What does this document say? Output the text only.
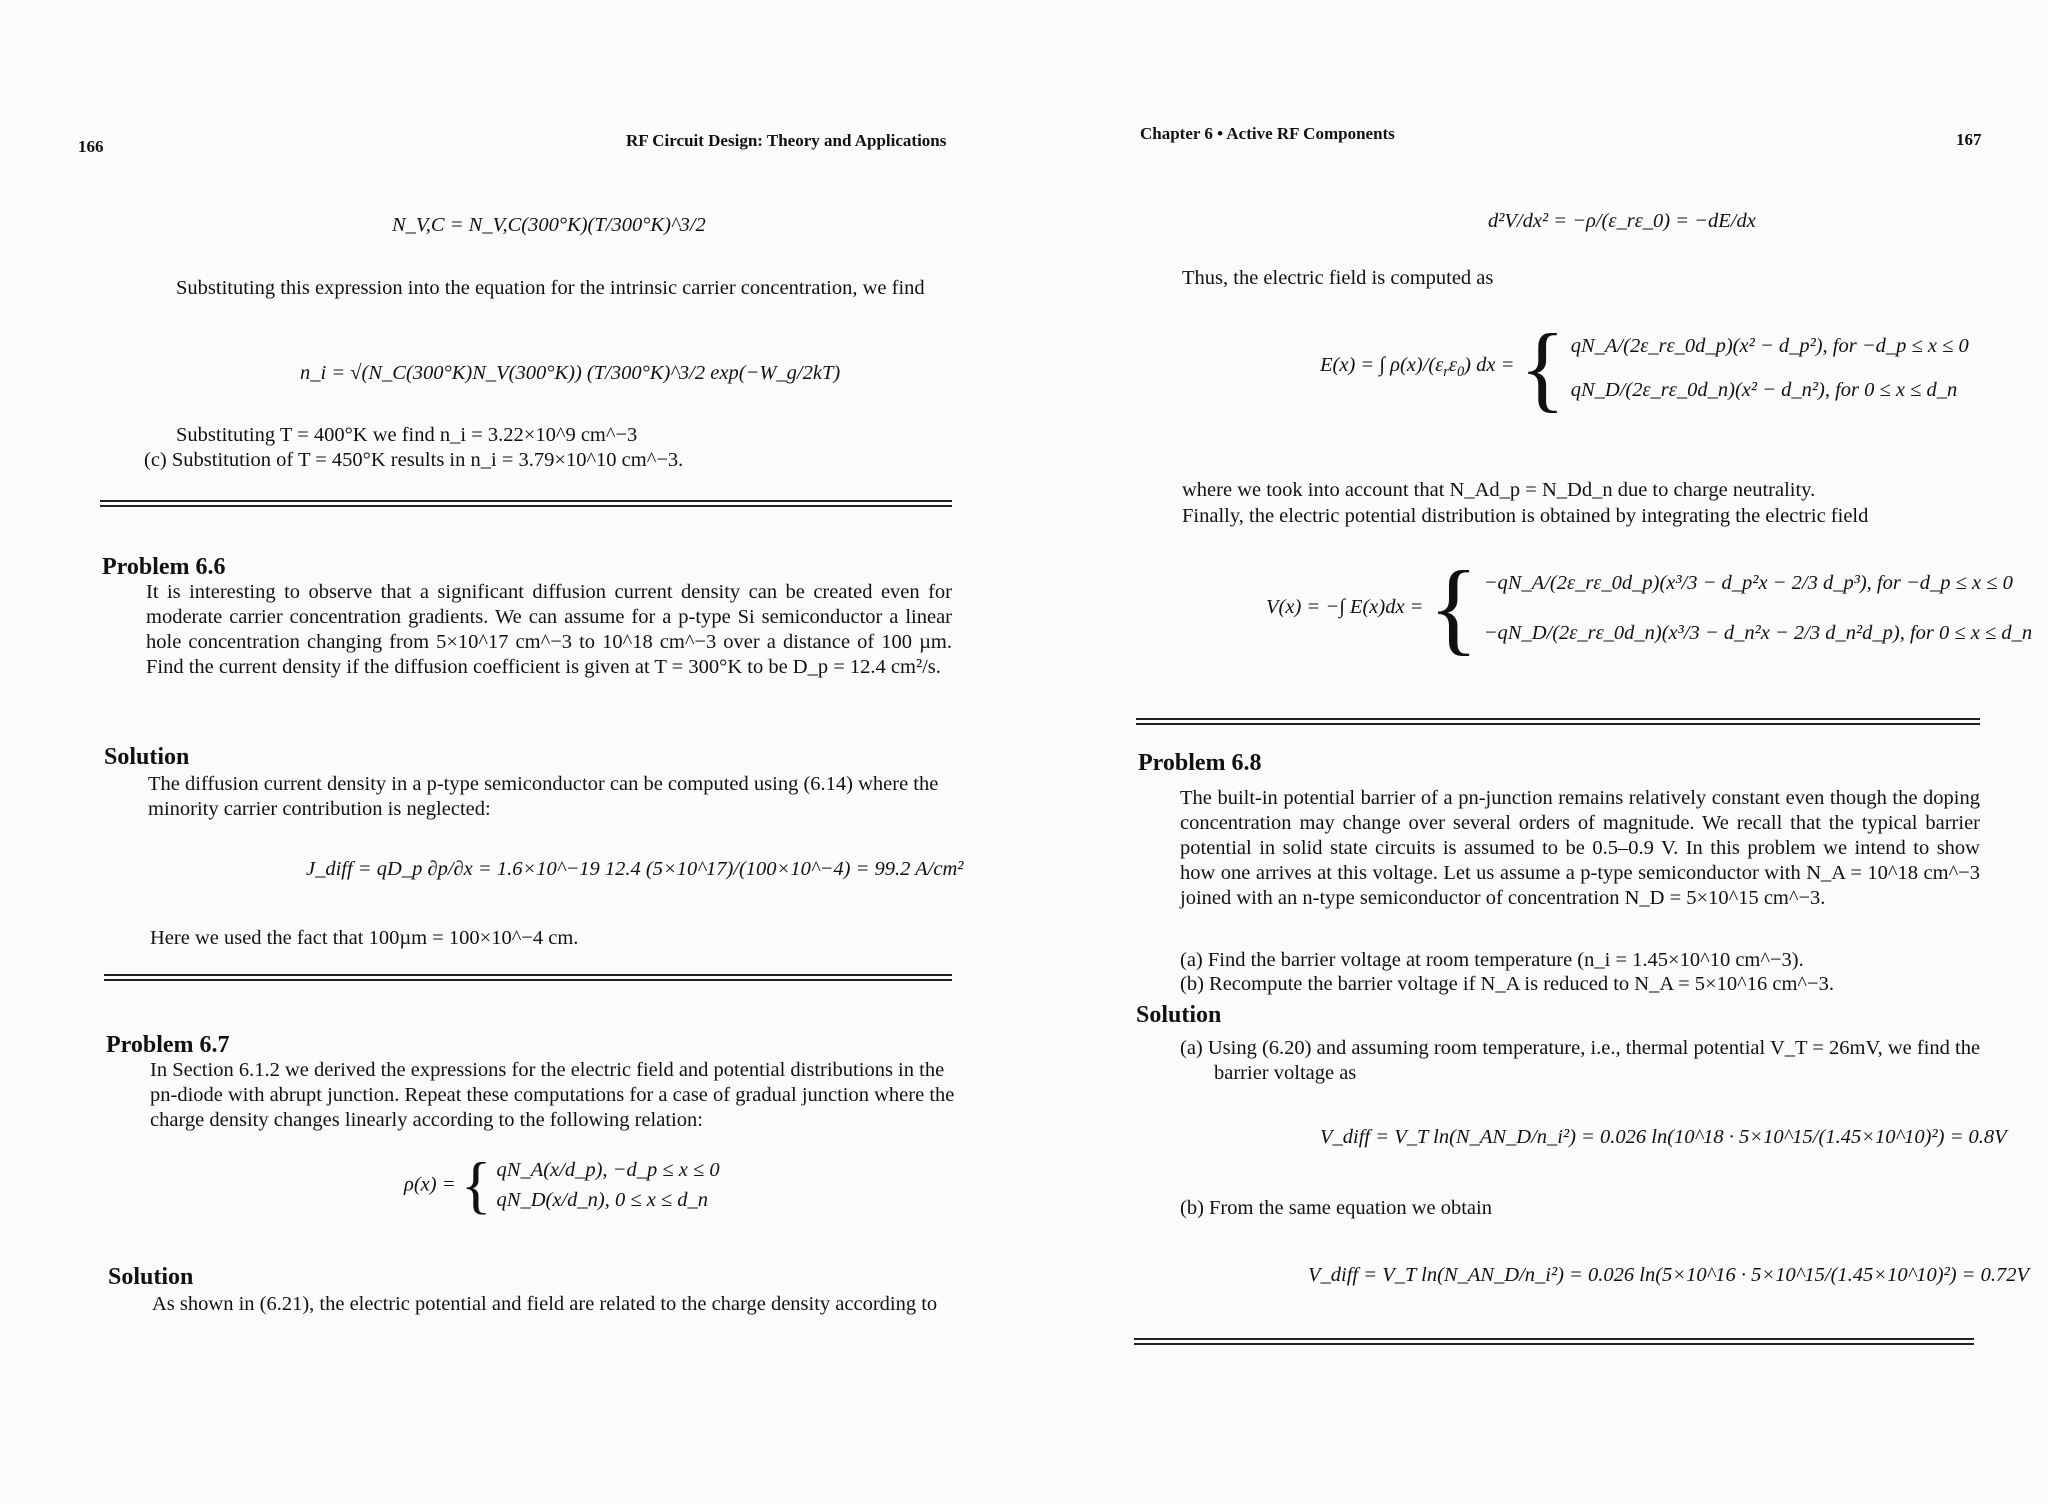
166	RF Circuit Design: Theory and Applications
N_V,C = N_V,C(300°K)(T/300°K)^3/2
Substituting this expression into the equation for the intrinsic carrier concentration, we find
n_i = √(N_C(300°K)N_V(300°K)) (T/300°K)^3/2 exp(−W_g/2kT)
Substituting T = 400°K we find n_i = 3.22×10^9 cm^−3
(c) Substitution of T = 450°K results in n_i = 3.79×10^10 cm^−3.
Problem 6.6
It is interesting to observe that a significant diffusion current density can be created even for moderate carrier concentration gradients. We can assume for a p-type Si semiconductor a linear hole concentration changing from 5×10^17 cm^−3 to 10^18 cm^−3 over a distance of 100 µm. Find the current density if the diffusion coefficient is given at T = 300°K to be D_p = 12.4 cm²/s.
Solution
The diffusion current density in a p-type semiconductor can be computed using (6.14) where the minority carrier contribution is neglected:
J_diff = qD_p ∂p/∂x = 1.6×10^−19 12.4 (5×10^17)/(100×10^−4) = 99.2 A/cm²
Here we used the fact that 100µm = 100×10^−4 cm.
Problem 6.7
In Section 6.1.2 we derived the expressions for the electric field and potential distributions in the pn-diode with abrupt junction. Repeat these computations for a case of gradual junction where the charge density changes linearly according to the following relation:
ρ(x) = { qN_A(x/d_p), −d_p ≤ x ≤ 0
qN_D(x/d_n), 0 ≤ x ≤ d_n
Solution
As shown in (6.21), the electric potential and field are related to the charge density according to
Chapter 6 • Active RF Components	167
d²V/dx² = −ρ/(ε_rε_0) = −dE/dx
Thus, the electric field is computed as
E(x) = ∫ $\rho(x)/(\varepsilon_r\varepsilon_0)$ dx = { qN_A/(2ε_rε_0d_p)(x² − d_p²), for −d_p ≤ x ≤ 0
qN_D/(2ε_rε_0d_n)(x² − d_n²), for 0 ≤ x ≤ d_n
where we took into account that N_Ad_p = N_Dd_n due to charge neutrality.
Finally, the electric potential distribution is obtained by integrating the electric field
V(x) = −∫ E(x)dx = { −qN_A/(2ε_rε_0d_p)(x³/3 − d_p²x − 2/3 d_p³), for −d_p ≤ x ≤ 0
−qN_D/(2ε_rε_0d_n)(x³/3 − d_n²x − 2/3 d_n²d_p), for 0 ≤ x ≤ d_n
Problem 6.8
The built-in potential barrier of a pn-junction remains relatively constant even though the doping concentration may change over several orders of magnitude. We recall that the typical barrier potential in solid state circuits is assumed to be 0.5–0.9 V. In this problem we intend to show how one arrives at this voltage. Let us assume a p-type semiconductor with N_A = 10^18 cm^−3 joined with an n-type semiconductor of concentration N_D = 5×10^15 cm^−3.
(a) Find the barrier voltage at room temperature (n_i = 1.45×10^10 cm^−3).
(b) Recompute the barrier voltage if N_A is reduced to N_A = 5×10^16 cm^−3.
Solution
(a) Using (6.20) and assuming room temperature, i.e., thermal potential V_T = 26mV, we find the barrier voltage as
V_diff = V_T ln(N_AN_D/n_i²) = 0.026 ln(10^18 · 5×10^15/(1.45×10^10)²) = 0.8V
(b) From the same equation we obtain
V_diff = V_T ln(N_AN_D/n_i²) = 0.026 ln(5×10^16 · 5×10^15/(1.45×10^10)²) = 0.72V
